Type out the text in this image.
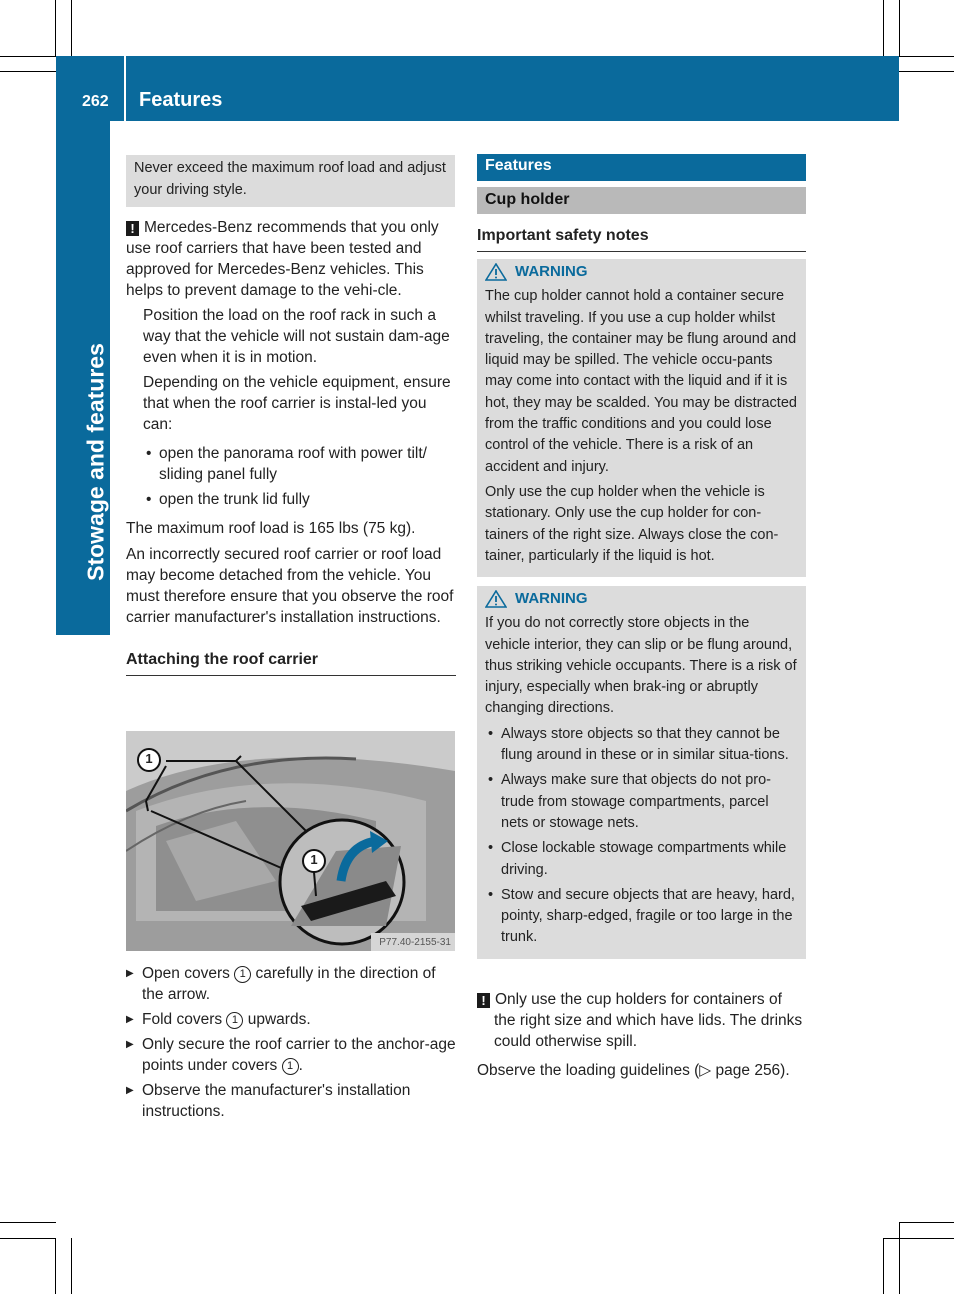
262 Features
Stowage and features
Never exceed the maximum roof load and adjust your driving style.

! Mercedes-Benz recommends that you only use roof carriers that have been tested and approved for Mercedes-Benz vehicles. This helps to prevent damage to the vehi-cle.

Position the load on the roof rack in such a way that the vehicle will not sustain dam-age even when it is in motion.

Depending on the vehicle equipment, ensure that when the roof carrier is instal-led you can:

• open the panorama roof with power tilt/ sliding panel fully

• open the trunk lid fully

The maximum roof load is 165 lbs (75 kg).

An incorrectly secured roof carrier or roof load may become detached from the vehicle. You must therefore ensure that you observe the roof carrier manufacturer's installation instructions.

Attaching the roof carrier

1
1
P77.40-2155-31

▶ Open covers 1 carefully in the direction of the arrow.

▶ Fold covers 1 upwards.

▶ Only secure the roof carrier to the anchor-age points under covers 1 .

▶ Observe the manufacturer's installation instructions.

Features
Cup holder

Important safety notes

WARNING

The cup holder cannot hold a container secure whilst traveling. If you use a cup holder whilst traveling, the container may be flung around and liquid may be spilled. The vehicle occu-pants may come into contact with the liquid and if it is hot, they may be scalded. You may be distracted from the traffic conditions and you could lose control of the vehicle. There is a risk of an accident and injury.

Only use the cup holder when the vehicle is stationary. Only use the cup holder for con-tainers of the right size. Always close the con-tainer, particularly if the liquid is hot.

WARNING

If you do not correctly store objects in the vehicle interior, they can slip or be flung around, thus striking vehicle occupants. There is a risk of injury, especially when brak-ing or abruptly changing directions.

• Always store objects so that they cannot be flung around in these or in similar situa-tions.

• Always make sure that objects do not pro-trude from stowage compartments, parcel nets or stowage nets.

• Close lockable stowage compartments while driving.

• Stow and secure objects that are heavy, hard, pointy, sharp-edged, fragile or too large in the trunk.

! Only use the cup holders for containers of the right size and which have lids. The drinks could otherwise spill.

Observe the loading guidelines (▷ page 256).
